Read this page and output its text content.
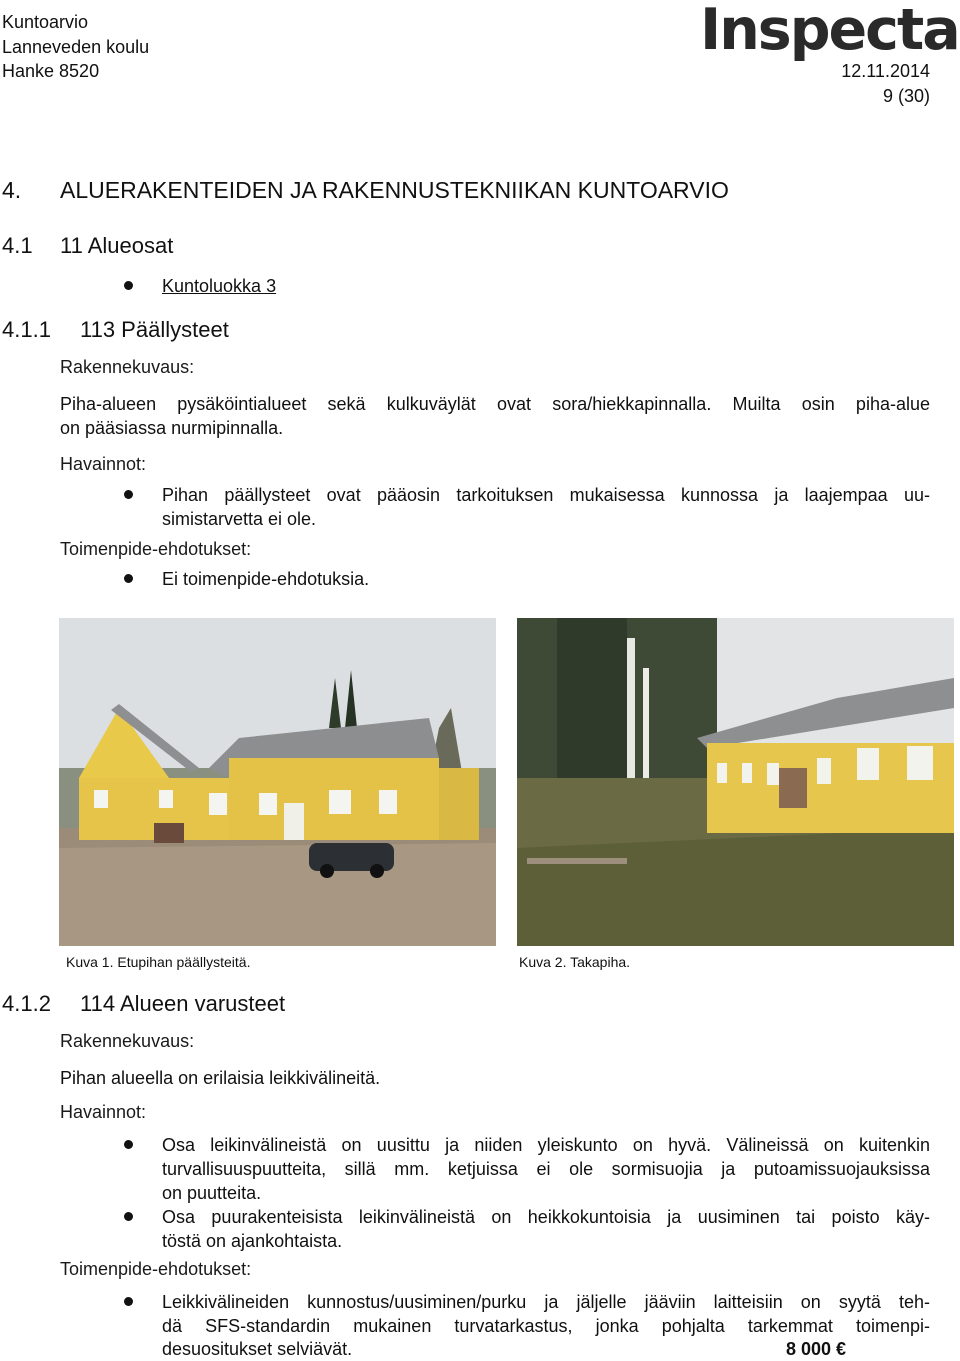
Kuntoarvio
Lanneveden koulu
Hanke 8520
Inspecta
12.11.2014
9 (30)
4. ALUERAKENTEIDEN JA RAKENNUSTEKNIIKAN KUNTOARVIO
4.1 11 Alueosat
Kuntoluokka 3
4.1.1 113 Päällysteet
Rakennekuvaus:
Piha-alueen pysäköintialueet sekä kulkuväylät ovat sora/hiekkapinnalla. Muilta osin piha-alue
on pääsiassa nurmipinnalla.
Havainnot:
Pihan päällysteet ovat pääosin tarkoituksen mukaisessa kunnossa ja laajempaa uu-
simistarvetta ei ole.
Toimenpide-ehdotukset:
Ei toimenpide-ehdotuksia.
Kuva 1. Etupihan päällysteitä.	Kuva 2. Takapiha.
4.1.2 114 Alueen varusteet
Rakennekuvaus:
Pihan alueella on erilaisia leikkivälineitä.
Havainnot:
Osa leikinvälineistä on uusittu ja niiden yleiskunto on hyvä. Välineissä on kuitenkin
turvallisuuspuutteita, sillä mm. ketjuissa ei ole sormisuojia ja putoamissuojauksissa
on puutteita.
Osa puurakenteisista leikinvälineistä on heikkokuntoisia ja uusiminen tai poisto käy-
töstä on ajankohtaista.
Toimenpide-ehdotukset:
Leikkivälineiden kunnostus/uusiminen/purku ja jäljelle jääviin laitteisiin on syytä teh-
dä SFS-standardin mukainen turvatarkastus, jonka pohjalta tarkemmat toimenpi-
desuositukset selviävät.	8 000 €
